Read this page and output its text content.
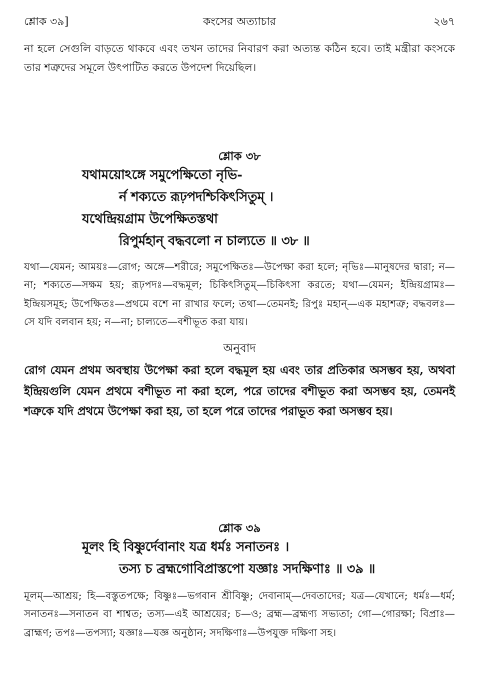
শ্লোক ৩৯]	কংসের অত্যাচার	২৬৭

না হলে সেগুলি বাড়তে থাকবে এবং তখন তাদের নিবারণ করা অত্যন্ত কঠিন হবে। তাই মন্ত্রীরা কংসকে তার শত্রুদের সমূলে উৎপাটিত করতে উপদেশ দিয়েছিল।

শ্লোক ৩৮
যথাময়োঽঙ্গে সমুপেক্ষিতো নৃভি-
র্ন শক্যতে রূঢ়পদশ্চিকিৎসিতুম্ ।
যথেন্দ্রিয়গ্রাম উপেক্ষিতস্তথা
রিপুর্মহান্ বদ্ধবলো ন চাল্যতে ॥ ৩৮ ॥

যথা—যেমন; আময়ঃ—রোগ; অঙ্গে—শরীরে; সমুপেক্ষিতঃ—উপেক্ষা করা হলে; নৃভিঃ—মানুষদের দ্বারা; ন—না; শক্যতে—সক্ষম হয়; রূঢ়পদঃ—বদ্ধমূল; চিকিৎসিতুম্—চিকিৎসা করতে; যথা—যেমন; ইন্দ্রিয়গ্রামঃ—ইন্দ্রিয়সমূহ; উপেক্ষিতঃ—প্রথমে বশে না রাখার ফলে; তথা—তেমনই; রিপুঃ মহান্—এক মহাশত্রু; বদ্ধবলঃ—সে যদি বলবান হয়; ন—না; চাল্যতে—বশীভূত করা যায়।

অনুবাদ

রোগ যেমন প্রথম অবস্থায় উপেক্ষা করা হলে বদ্ধমূল হয় এবং তার প্রতিকার অসম্ভব হয়, অথবা ইন্দ্রিয়গুলি যেমন প্রথমে বশীভূত না করা হলে, পরে তাদের বশীভূত করা অসম্ভব হয়, তেমনই শত্রুকে যদি প্রথমে উপেক্ষা করা হয়, তা হলে পরে তাদের পরাভূত করা অসম্ভব হয়।

শ্লোক ৩৯
মূলং হি বিষ্ণুর্দেবানাং যত্র ধর্মঃ সনাতনঃ ।
তস্য চ ব্রহ্মগোবিপ্রাস্তপো যজ্ঞাঃ সদক্ষিণাঃ ॥ ৩৯ ॥

মূলম্—আশ্রয়; হি—বস্তুতপক্ষে; বিষ্ণুঃ—ভগবান শ্রীবিষ্ণু; দেবানাম্—দেবতাদের; যত্র—যেখানে; ধর্মঃ—ধর্ম; সনাতনঃ—সনাতন বা শাশ্বত; তস্য—এই আশ্রয়ের; চ—ও; ব্রহ্ম—ব্রহ্মণ্য সভ্যতা; গো—গোরক্ষা; বিপ্রাঃ—ব্রাহ্মণ; তপঃ—তপস্যা; যজ্ঞাঃ—যজ্ঞ অনুষ্ঠান; সদক্ষিণাঃ—উপযুক্ত দক্ষিণা সহ।
